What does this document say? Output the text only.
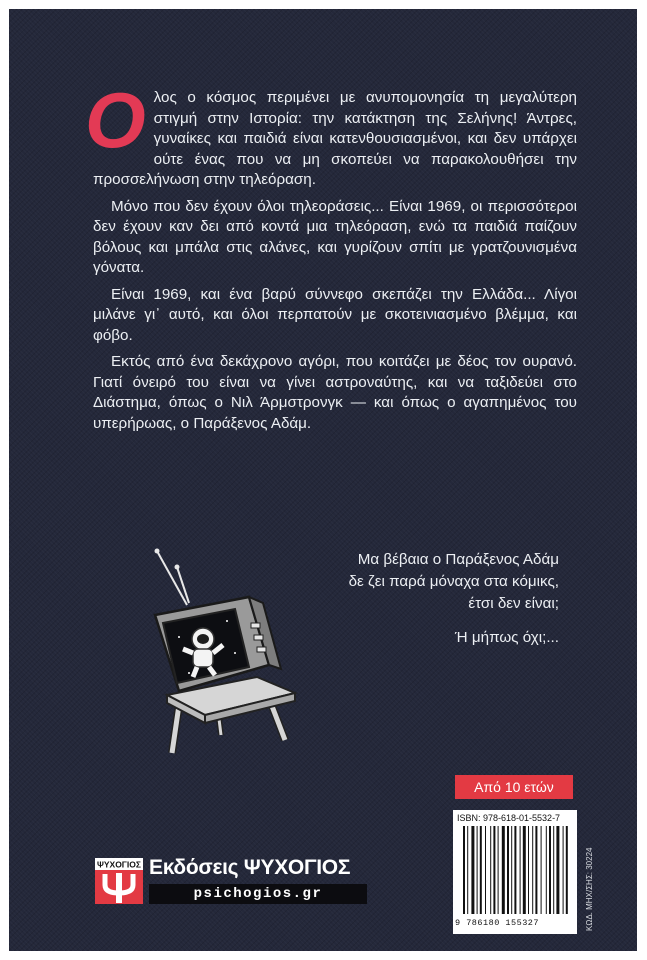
Ολος ο κόσμος περιμένει με ανυπομονησία τη μεγαλύτερη στιγμή στην Ιστορία: την κατάκτηση της Σελήνης! Άντρες, γυναίκες και παιδιά είναι κατενθουσιασμένοι, και δεν υπάρχει ούτε ένας που να μη σκοπεύει να παρακολουθήσει την προσσελήνωση στην τηλεόραση.

Μόνο που δεν έχουν όλοι τηλεοράσεις... Είναι 1969, οι περισσότεροι δεν έχουν καν δει από κοντά μια τηλεόραση, ενώ τα παιδιά παίζουν βόλους και μπάλα στις αλάνες, και γυρίζουν σπίτι με γρατζουνισμένα γόνατα.

Είναι 1969, και ένα βαρύ σύννεφο σκεπάζει την Ελλάδα... Λίγοι μιλάνε γι᾽ αυτό, και όλοι περπατούν με σκοτεινιασμένο βλέμμα, και φόβο.

Εκτός από ένα δεκάχρονο αγόρι, που κοιτάζει με δέος τον ουρανό. Γιατί όνειρό του είναι να γίνει αστροναύτης, και να ταξιδεύει στο Διάστημα, όπως ο Νιλ Άρμστρονγκ — και όπως ο αγαπημένος του υπερήρωας, ο Παράξενος Αδάμ.

Μα βέβαια ο Παράξενος Αδάμ

δε ζει παρά μόναχα στα κόμικς,

έτσι δεν είναι;

Ή μήπως όχι;...

Από 10 ετών
ISBN: 978-618-01-5532-7
9 786180 155327	ΚΩΔ. ΜΗΧ/ΣΗΣ: 30224
ΨΥΧΟΓΙΟΣ Εκδόσεις ΨΥΧΟΓΙΟΣ
psichogios.gr
